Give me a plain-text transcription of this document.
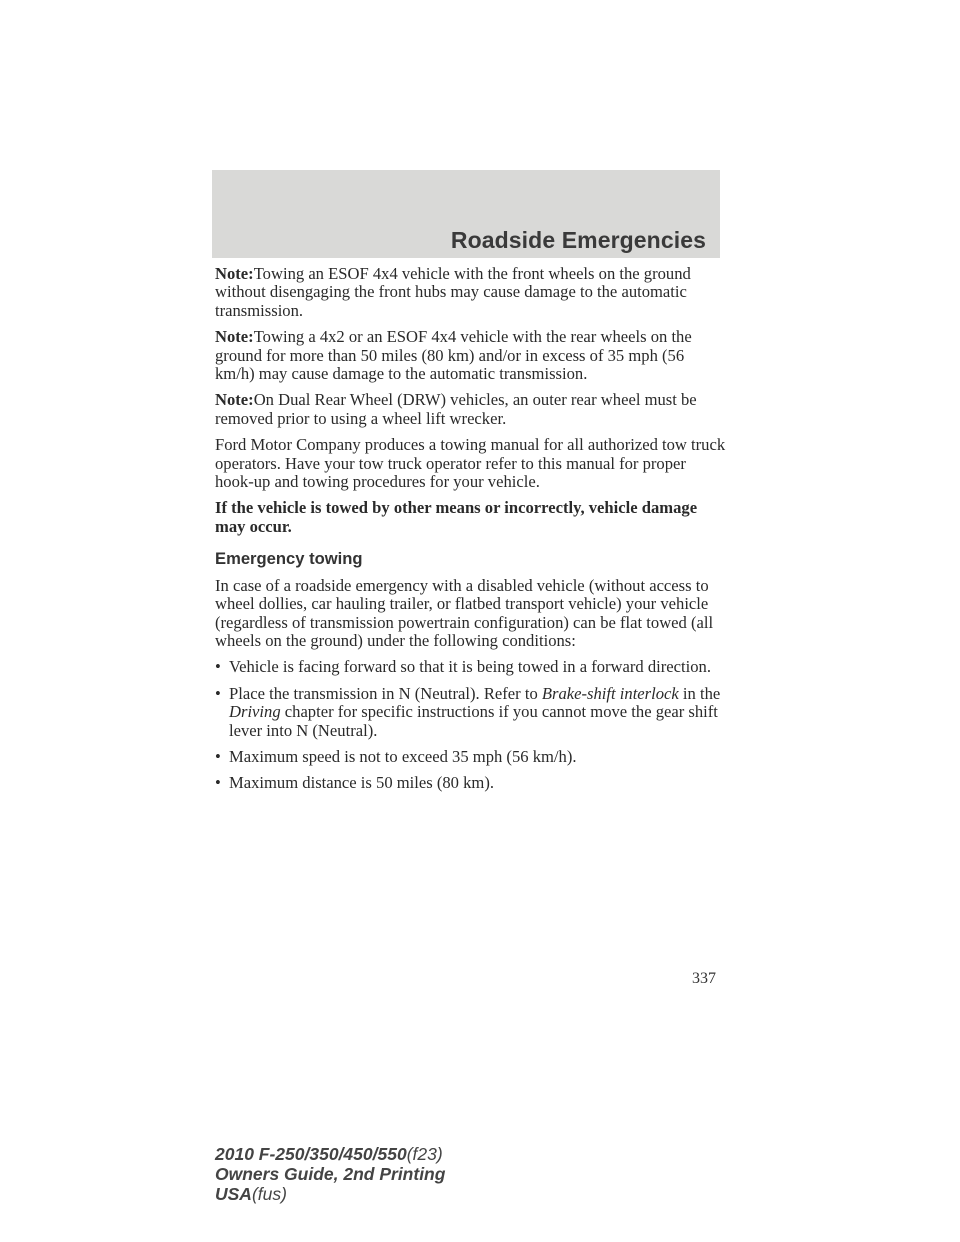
Roadside Emergencies

Note:Towing an ESOF 4x4 vehicle with the front wheels on the ground without disengaging the front hubs may cause damage to the automatic transmission.

Note:Towing a 4x2 or an ESOF 4x4 vehicle with the rear wheels on the ground for more than 50 miles (80 km) and/or in excess of 35 mph (56 km/h) may cause damage to the automatic transmission.

Note:On Dual Rear Wheel (DRW) vehicles, an outer rear wheel must be removed prior to using a wheel lift wrecker.

Ford Motor Company produces a towing manual for all authorized tow truck operators. Have your tow truck operator refer to this manual for proper hook-up and towing procedures for your vehicle.

If the vehicle is towed by other means or incorrectly, vehicle damage may occur.

Emergency towing

In case of a roadside emergency with a disabled vehicle (without access to wheel dollies, car hauling trailer, or flatbed transport vehicle) your vehicle (regardless of transmission powertrain configuration) can be flat towed (all wheels on the ground) under the following conditions:

• Vehicle is facing forward so that it is being towed in a forward direction.
• Place the transmission in N (Neutral). Refer to Brake-shift interlock in the Driving chapter for specific instructions if you cannot move the gear shift lever into N (Neutral).
• Maximum speed is not to exceed 35 mph (56 km/h).
• Maximum distance is 50 miles (80 km).
337
2010 F-250/350/450/550(f23)
Owners Guide, 2nd Printing
USA(fus)
